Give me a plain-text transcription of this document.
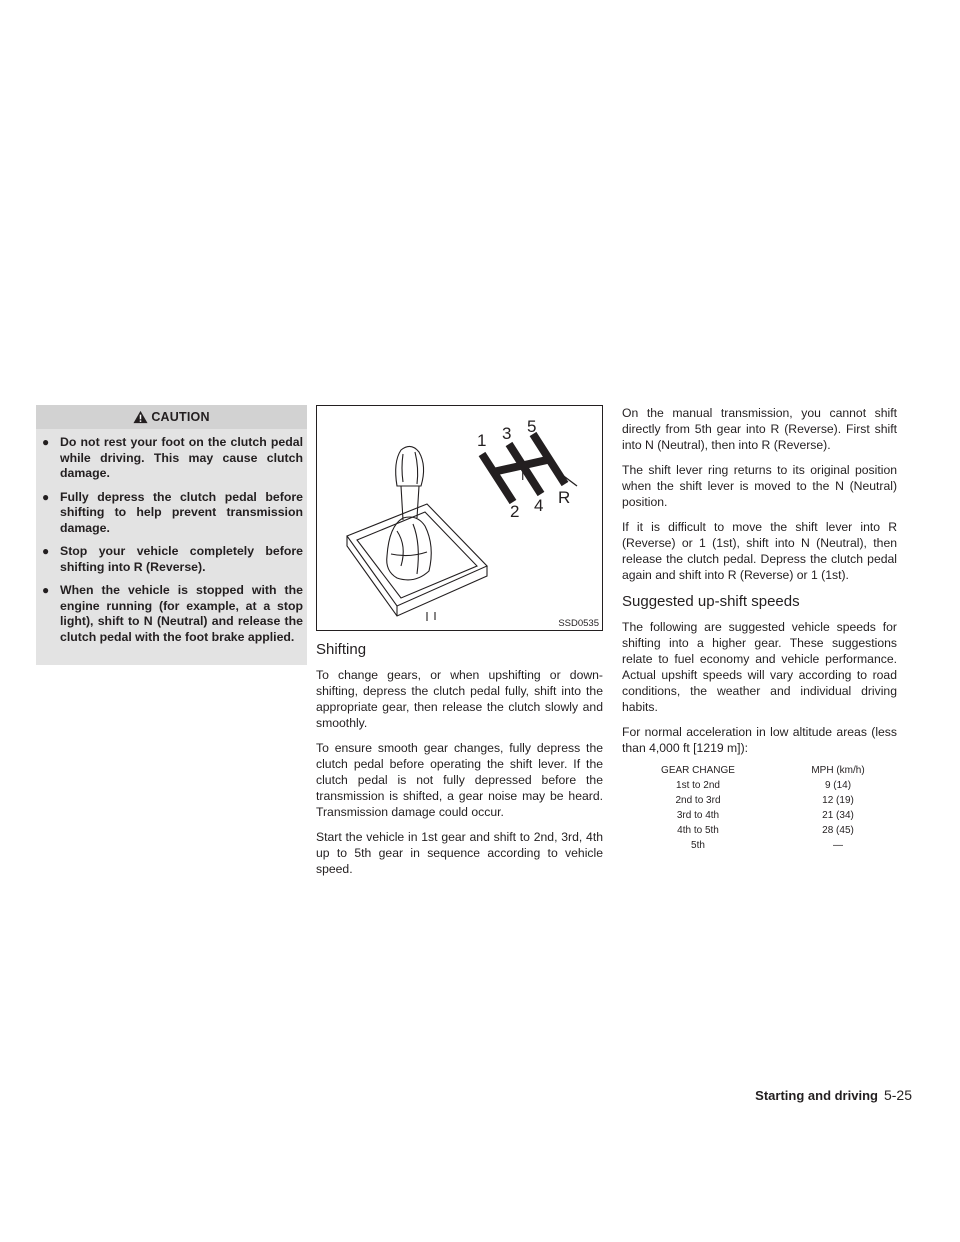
CAUTION
● Do not rest your foot on the clutch pedal while driving. This may cause clutch damage.
● Fully depress the clutch pedal before shifting to help prevent transmission damage.
● Stop your vehicle completely before shifting into R (Reverse).
● When the vehicle is stopped with the engine running (for example, at a stop light), shift to N (Neutral) and release the clutch pedal with the foot brake applied.
1 3 5
N
2 4 R
SSD0535
Shifting

To change gears, or when upshifting or down-shifting, depress the clutch pedal fully, shift into the appropriate gear, then release the clutch slowly and smoothly.

To ensure smooth gear changes, fully depress the clutch pedal before operating the shift lever. If the clutch pedal is not fully depressed before the transmission is shifted, a gear noise may be heard. Transmission damage could occur.

Start the vehicle in 1st gear and shift to 2nd, 3rd, 4th up to 5th gear in sequence according to vehicle speed.

On the manual transmission, you cannot shift directly from 5th gear into R (Reverse). First shift into N (Neutral), then into R (Reverse).

The shift lever ring returns to its original position when the shift lever is moved to the N (Neutral) position.

If it is difficult to move the shift lever into R (Reverse) or 1 (1st), shift into N (Neutral), then release the clutch pedal. Depress the clutch pedal again and shift into R (Reverse) or 1 (1st).

Suggested up-shift speeds

The following are suggested vehicle speeds for shifting into a higher gear. These suggestions relate to fuel economy and vehicle performance. Actual upshift speeds will vary according to road conditions, the weather and individual driving habits.

For normal acceleration in low altitude areas (less than 4,000 ft [1219 m]):

GEAR CHANGE	MPH (km/h)
1st to 2nd	9 (14)
2nd to 3rd	12 (19)
3rd to 4th	21 (34)
4th to 5th	28 (45)
5th	—
Starting and driving 5-25
